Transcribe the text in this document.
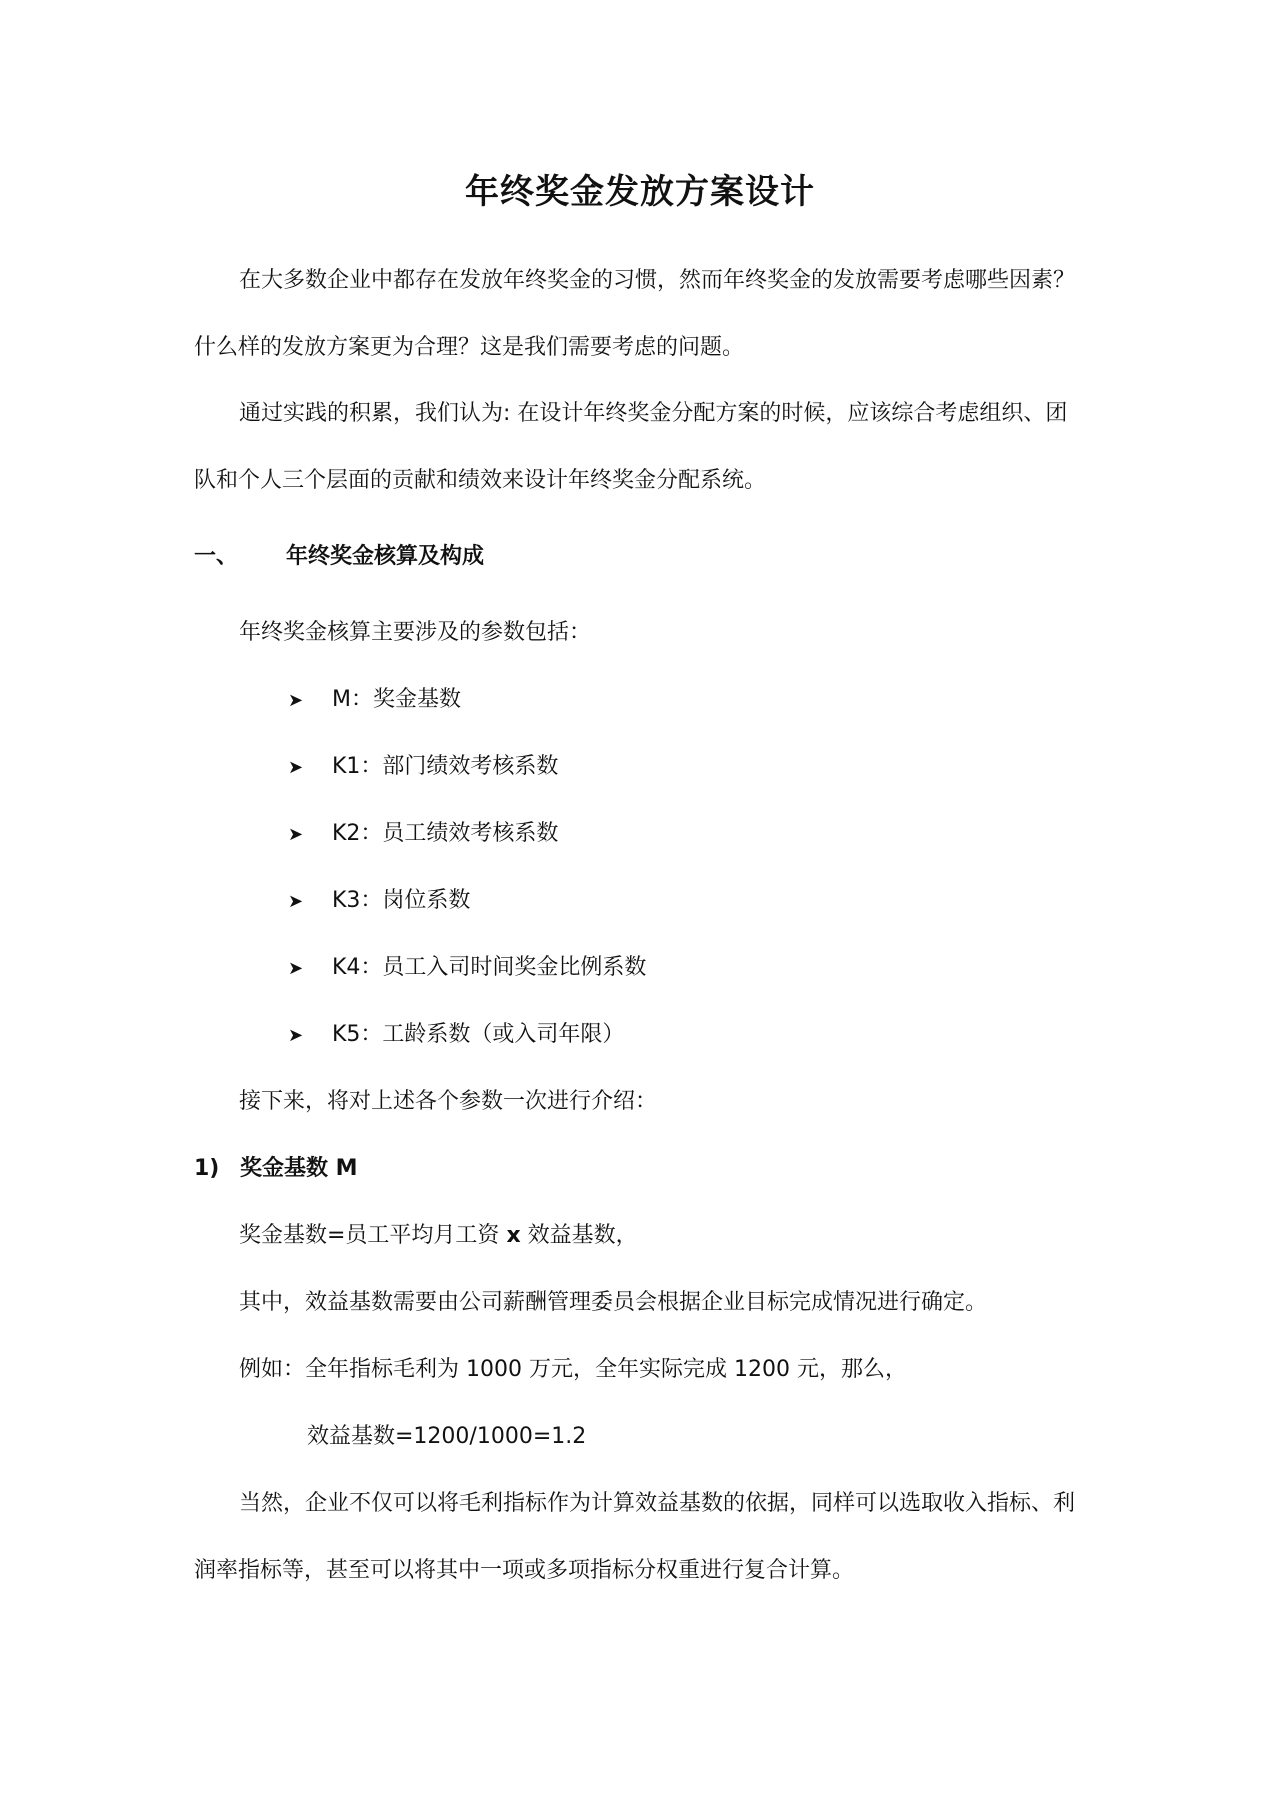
年终奖金发放方案设计
在大多数企业中都存在发放年终奖金的习惯，然而年终奖金的发放需要考虑哪些因素？
什么样的发放方案更为合理？这是我们需要考虑的问题。
通过实践的积累，我们认为: 在设计年终奖金分配方案的时候，应该综合考虑组织、团
队和个人三个层面的贡献和绩效来设计年终奖金分配系统。
一、 年终奖金核算及构成
年终奖金核算主要涉及的参数包括：
➤ M：奖金基数
➤ K1：部门绩效考核系数
➤ K2：员工绩效考核系数
➤ K3：岗位系数
➤ K4：员工入司时间奖金比例系数
➤ K5：工龄系数（或入司年限）
接下来，将对上述各个参数一次进行介绍：
1) 奖金基数 M
奖金基数=员工平均月工资 x 效益基数，
其中，效益基数需要由公司薪酬管理委员会根据企业目标完成情况进行确定。
例如：全年指标毛利为 1000 万元，全年实际完成 1200 元，那么，
效益基数=1200/1000=1.2
当然，企业不仅可以将毛利指标作为计算效益基数的依据，同样可以选取收入指标、利
润率指标等，甚至可以将其中一项或多项指标分权重进行复合计算。
